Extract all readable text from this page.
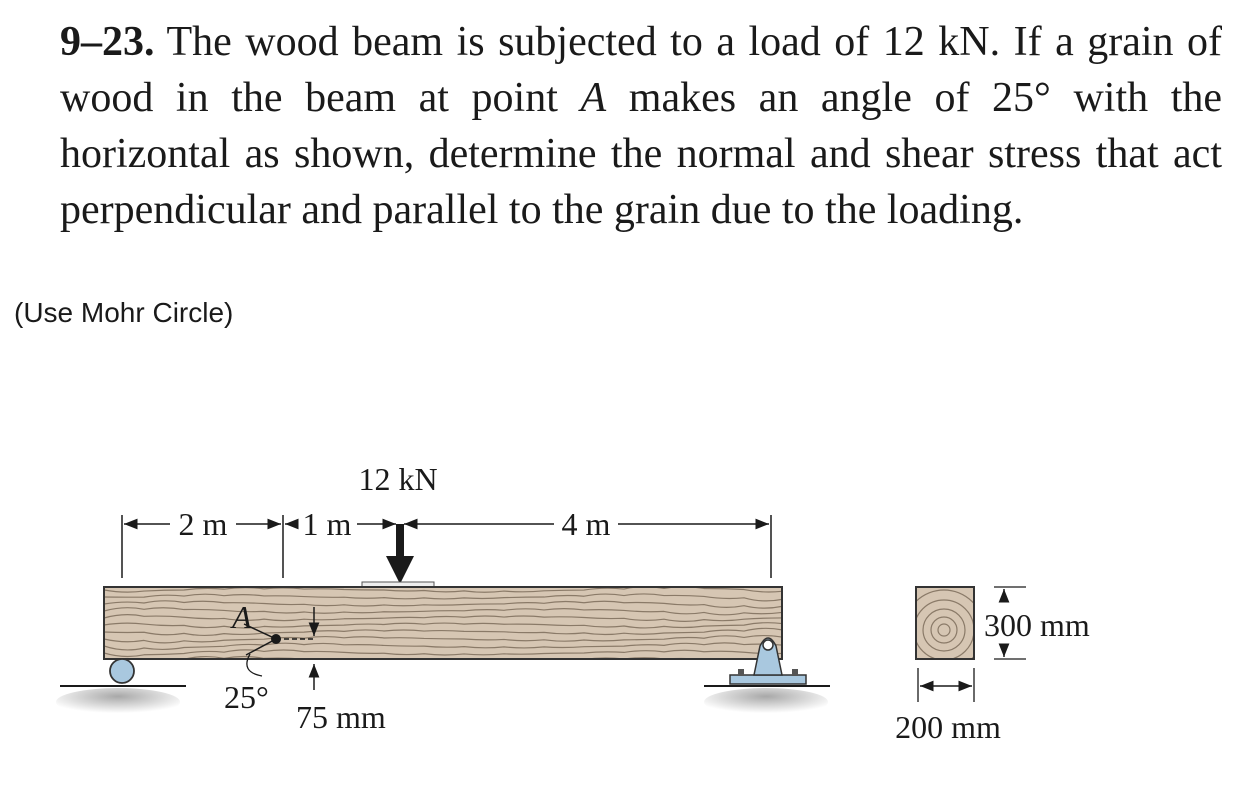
9–23. The wood beam is subjected to a load of 12 kN. If a grain of wood in the beam at point A makes an angle of 25° with the horizontal as shown, determine the normal and shear stress that act perpendicular and parallel to the grain due to the loading.
(Use Mohr Circle)
2 m 1 m	4 m
12 kN
A
25°
75 mm
300 mm
200 mm
